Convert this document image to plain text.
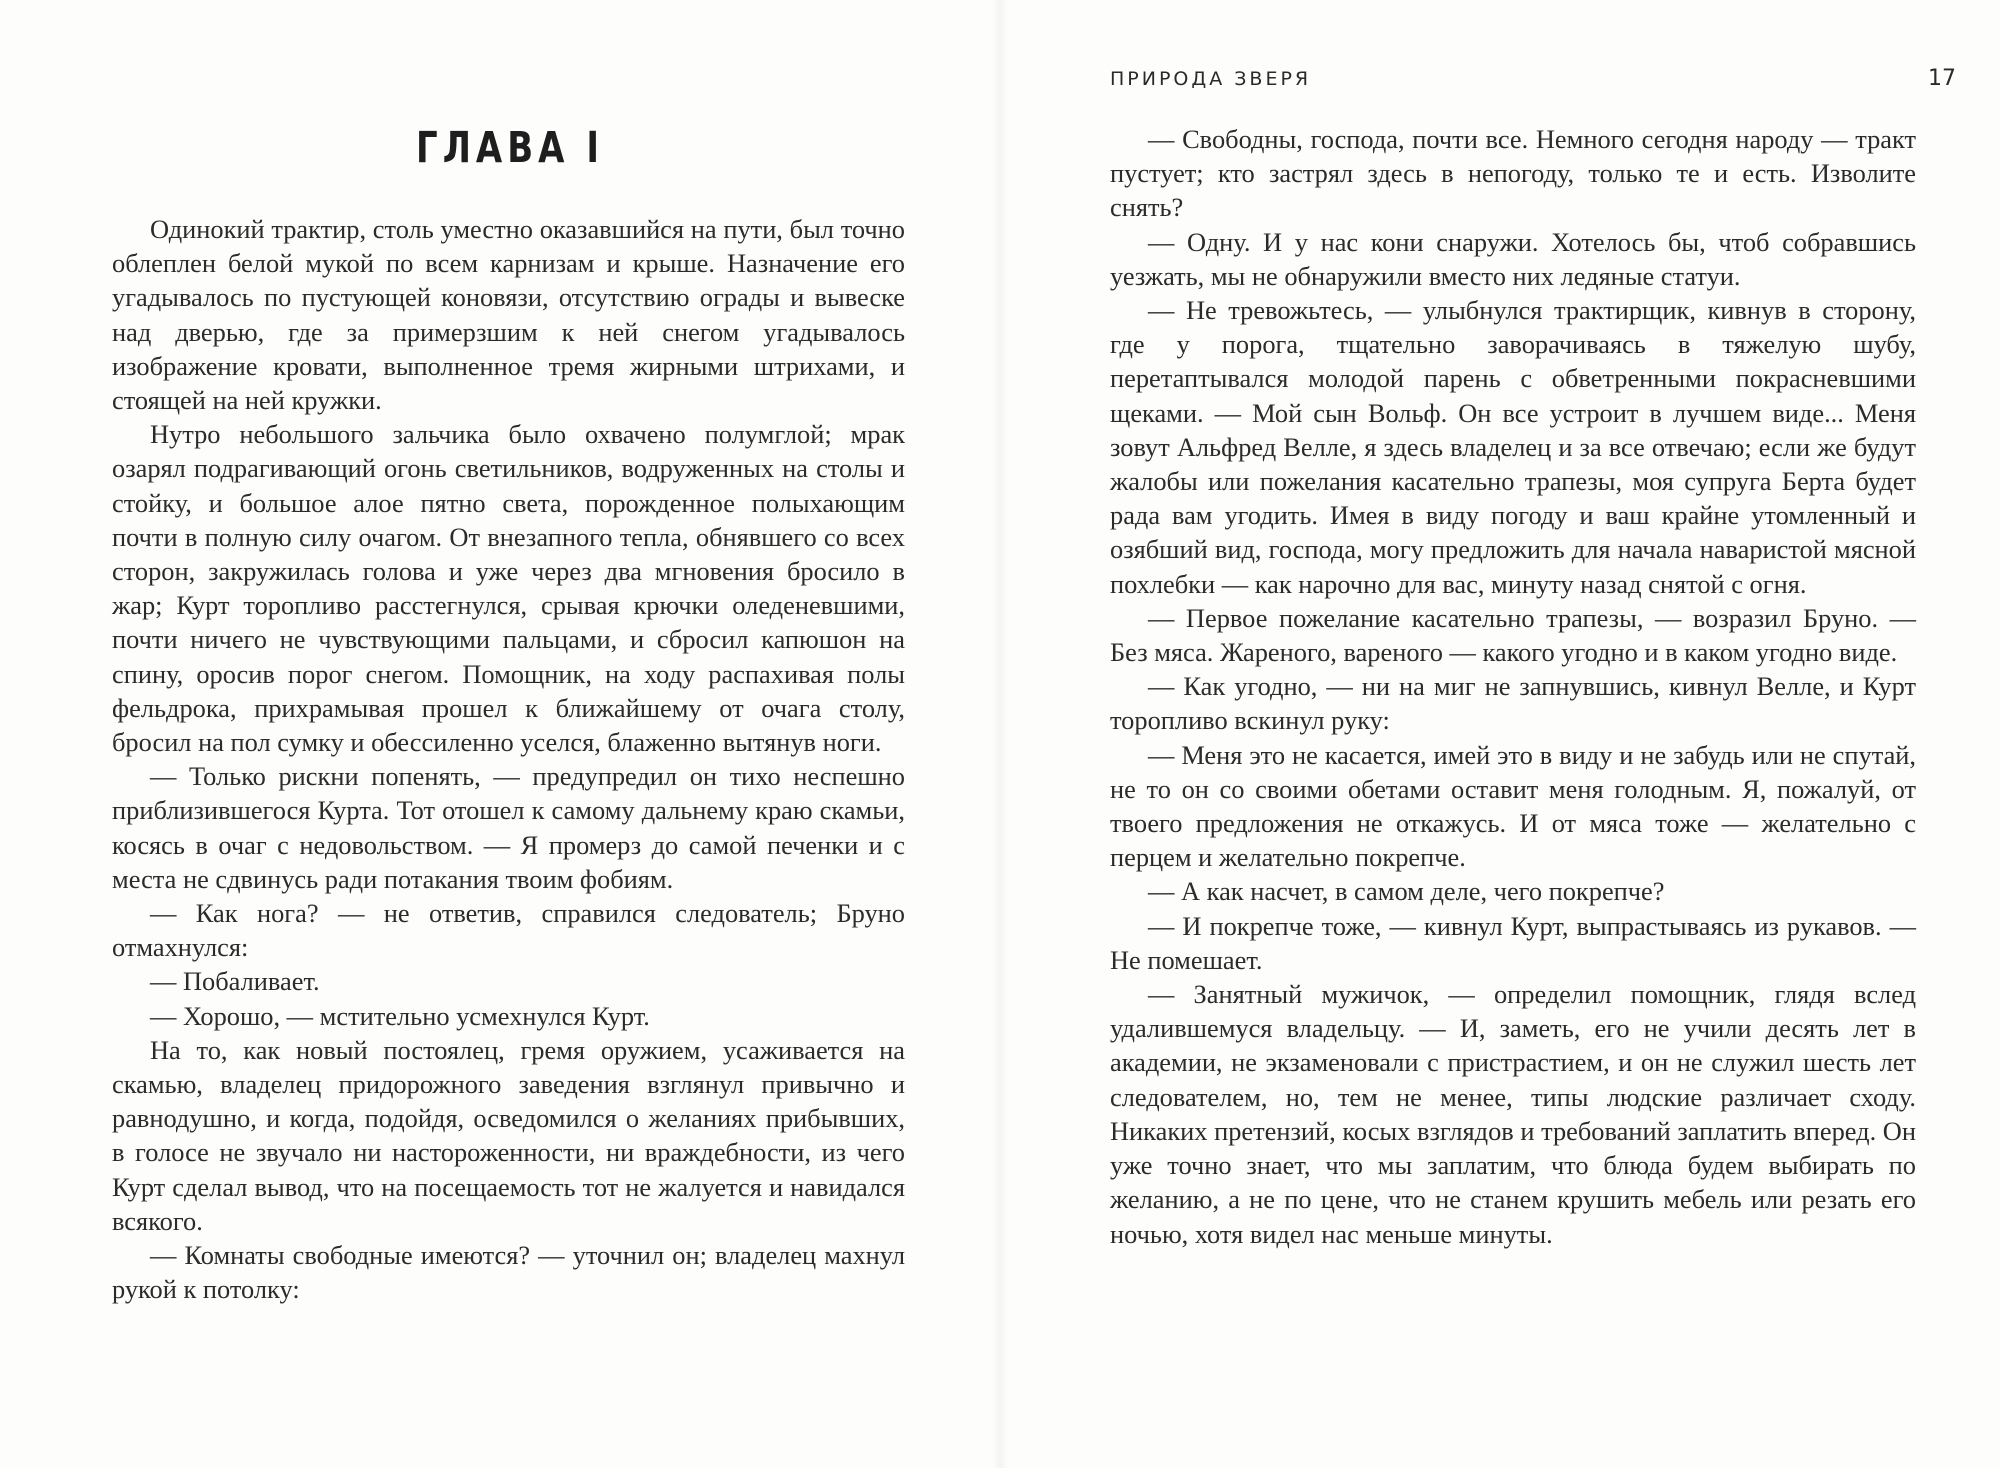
ГЛАВА I

Одинокий трактир, столь уместно оказавшийся на пути, был точно облеплен белой мукой по всем карнизам и крыше. Назначение его угадывалось по пустующей коновязи, отсутствию ограды и вывеске над дверью, где за примерзшим к ней снегом угадывалось изображение кровати, выполненное тремя жирными штрихами, и стоящей на ней кружки.

Нутро небольшого зальчика было охвачено полумглой; мрак озарял подрагивающий огонь светильников, водруженных на столы и стойку, и большое алое пятно света, порожденное полыхающим почти в полную силу очагом. От внезапного тепла, обнявшего со всех сторон, закружилась голова и уже через два мгновения бросило в жар; Курт торопливо расстегнулся, срывая крючки оледеневшими, почти ничего не чувствующими пальцами, и сбросил капюшон на спину, оросив порог снегом. Помощник, на ходу распахивая полы фельдрока, прихрамывая прошел к ближайшему от очага столу, бросил на пол сумку и обессиленно уселся, блаженно вытянув ноги.

— Только рискни попенять, — предупредил он тихо неспешно приблизившегося Курта. Тот отошел к самому дальнему краю скамьи, косясь в очаг с недовольством. — Я промерз до самой печенки и с места не сдвинусь ради потакания твоим фобиям.

— Как нога? — не ответив, справился следователь; Бруно отмахнулся:

— Побаливает.

— Хорошо, — мстительно усмехнулся Курт.

На то, как новый постоялец, гремя оружием, усаживается на скамью, владелец придорожного заведения взглянул привычно и равнодушно, и когда, подойдя, осведомился о желаниях прибывших, в голосе не звучало ни настороженности, ни враждебности, из чего Курт сделал вывод, что на посещаемость тот не жалуется и навидался всякого.

— Комнаты свободные имеются? — уточнил он; владелец махнул рукой к потолку:

ПРИРОДА ЗВЕРЯ	17

— Свободны, господа, почти все. Немного сегодня народу — тракт пустует; кто застрял здесь в непогоду, только те и есть. Изволите снять?

— Одну. И у нас кони снаружи. Хотелось бы, чтоб собравшись уезжать, мы не обнаружили вместо них ледяные статуи.

— Не тревожьтесь, — улыбнулся трактирщик, кивнув в сторону, где у порога, тщательно заворачиваясь в тяжелую шубу, перетаптывался молодой парень с обветренными покрасневшими щеками. — Мой сын Вольф. Он все устроит в лучшем виде... Меня зовут Альфред Велле, я здесь владелец и за все отвечаю; если же будут жалобы или пожелания касательно трапезы, моя супруга Берта будет рада вам угодить. Имея в виду погоду и ваш крайне утомленный и озябший вид, господа, могу предложить для начала наваристой мясной похлебки — как нарочно для вас, минуту назад снятой с огня.

— Первое пожелание касательно трапезы, — возразил Бруно. — Без мяса. Жареного, вареного — какого угодно и в каком угодно виде.

— Как угодно, — ни на миг не запнувшись, кивнул Велле, и Курт торопливо вскинул руку:

— Меня это не касается, имей это в виду и не забудь или не спутай, не то он со своими обетами оставит меня голодным. Я, пожалуй, от твоего предложения не откажусь. И от мяса тоже — желательно с перцем и желательно покрепче.

— А как насчет, в самом деле, чего покрепче?

— И покрепче тоже, — кивнул Курт, выпрастываясь из рукавов. — Не помешает.

— Занятный мужичок, — определил помощник, глядя вслед удалившемуся владельцу. — И, заметь, его не учили десять лет в академии, не экзаменовали с пристрастием, и он не служил шесть лет следователем, но, тем не менее, типы людские различает сходу. Никаких претензий, косых взглядов и требований заплатить вперед. Он уже точно знает, что мы заплатим, что блюда будем выбирать по желанию, а не по цене, что не станем крушить мебель или резать его ночью, хотя видел нас меньше минуты.
